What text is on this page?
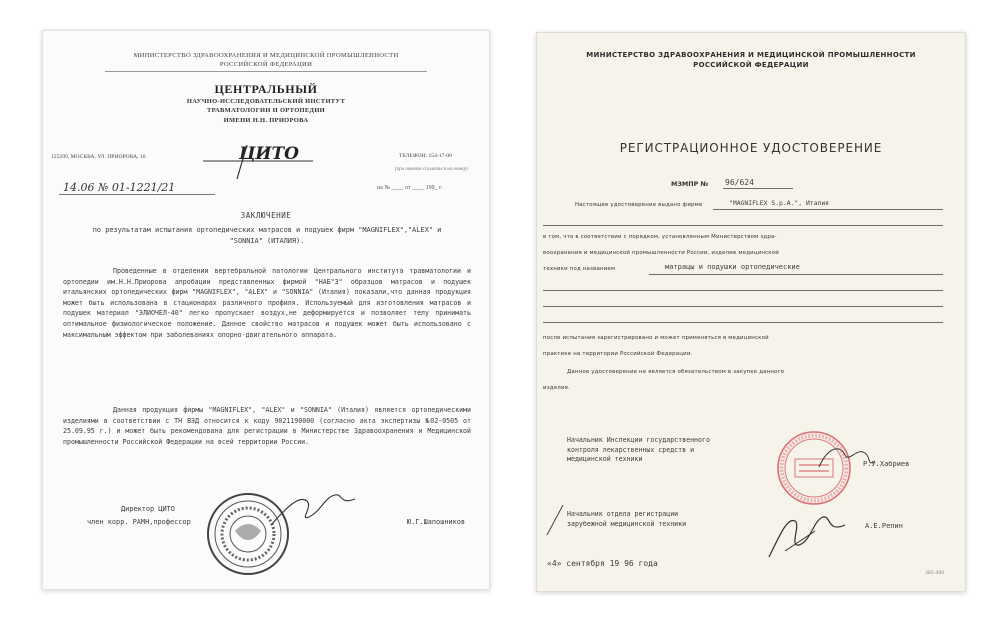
МИНИСТЕРСТВО ЗДРАВООХРАНЕНИЯ И МЕДИЦИНСКОЙ ПРОМЫШЛЕННОСТИ
РОССИЙСКОЙ ФЕДЕРАЦИИ
ЦЕНТРАЛЬНЫЙ
НАУЧНО-ИССЛЕДОВАТЕЛЬСКИЙ ИНСТИТУТ
ТРАВМАТОЛОГИИ И ОРТОПЕДИИ
ИМЕНИ Н.Н. ПРИОРОВА
125299, МОСКВА, УЛ. ПРИОРОВА, 10	ЦИТО	ТЕЛЕФОН: 154-17-00
(при ответе ссылаться на номер)
14.06 № 01-1221/21	на № ____ от ____ 199_ г.
ЗАКЛЮЧЕНИЕ
по результатам испытания ортопедических матрасов и подушек фирм "MAGNIFLEX","ALEX" и "SONNIA" (ИТАЛИЯ).

Проведенные в отделении вертебральной патологии Центрального института травматологии и ортопедии им.Н.Н.Приорова апробации представленных фирмой "НАБ"З" образцов матрасов и подушек итальянских ортопедических фирм "MAGNIFLEX", "ALEX" и "SONNIA" (Италия) показали,что данная продукция может быть использована в стационарах различного профиля. Используемый для изготовления матрасов и подушек материал "ЭЛИОЧЕЛ-40" легко пропускает воздух,не деформируется и позволяет телу принимать оптимальное физиологическое положение. Данное свойство матрасов и подушек может быть использовано с максимальным эффектом при заболеваниях опорно-двигательного аппарата.

Данная продукция фирмы "MAGNIFLEX", "ALEX" и "SONNIA" (Италия) является ортопедическими изделиями в соответствии с ТН ВЭД относится к коду 9021190000 (согласно акта экспертизы №02-0505 от 25.09.95 г.) и может быть рекомендована для регистрации в Министерстве Здравоохранения и Медицинской промышленности Российской Федерации на всей территории России.

Директор ЦИТО
член корр. РАМН,профессор	Ю.Г.Шапошников
МИНИСТЕРСТВО ЗДРАВООХРАНЕНИЯ И МЕДИЦИНСКОЙ ПРОМЫШЛЕННОСТИ
РОССИЙСКОЙ ФЕДЕРАЦИИ
РЕГИСТРАЦИОННОЕ УДОСТОВЕРЕНИЕ
МЗМПР № 96/624
Настоящее удостоверение выдано фирме	"MAGNIFLEX S.p.A.", Италия
в том, что в соответствии с порядком, установленным Министерством здра-
воохранения и медицинской промышленности России, изделие медицинской
техники под названием	матрацы и подушки ортопедические
после испытания зарегистрировано и может применяться в медицинской
практике на территории Российской Федерации.
Данное удостоверение не является обязательством в закупке данного
изделия.
Начальник Инспекции государственного
контроля лекарственных средств и
медицинской техники
Р.У.Хабриев
Начальник отдела регистрации
зарубежной медицинской техники	А.Е.Репин
«4» сентября 19 96 года
385-400
